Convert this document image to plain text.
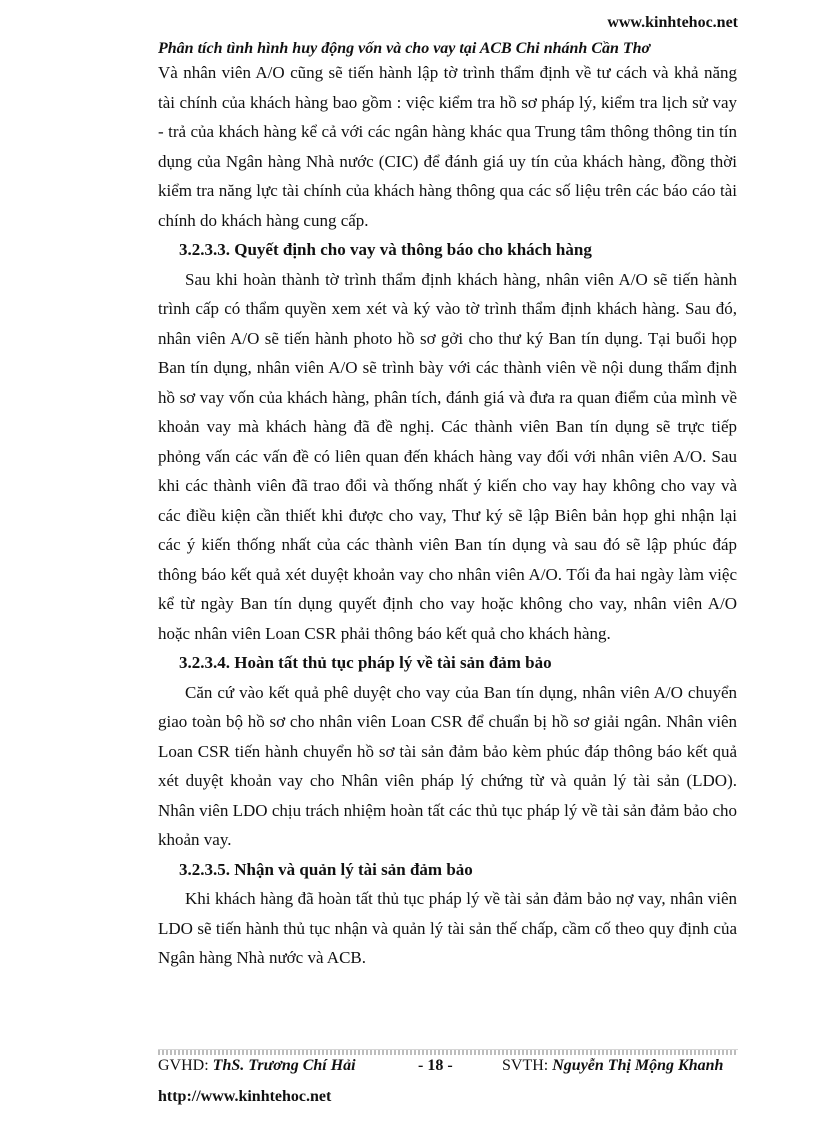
www.kinhtehoc.net
Phân tích tình hình huy động vốn và cho vay tại ACB Chi nhánh Cần Thơ

Và nhân viên A/O cũng sẽ tiến hành lập tờ trình thẩm định về tư cách và khả năng tài chính của khách hàng bao gồm : việc kiểm tra hồ sơ pháp lý, kiểm tra lịch sử vay - trả của khách hàng kể cả với các ngân hàng khác qua Trung tâm thông thông tin tín dụng của Ngân hàng Nhà nước (CIC) để đánh giá uy tín của khách hàng, đồng thời kiểm tra năng lực tài chính của khách hàng thông qua các số liệu trên các báo cáo tài chính do khách hàng cung cấp.

3.2.3.3. Quyết định cho vay và thông báo cho khách hàng

Sau khi hoàn thành tờ trình thẩm định khách hàng, nhân viên A/O sẽ tiến hành trình cấp có thẩm quyền xem xét và ký vào tờ trình thẩm định khách hàng. Sau đó, nhân viên A/O sẽ tiến hành photo hồ sơ gởi cho thư ký Ban tín dụng. Tại buổi họp Ban tín dụng, nhân viên A/O sẽ trình bày với các thành viên về nội dung thẩm định hồ sơ vay vốn của khách hàng, phân tích, đánh giá và đưa ra quan điểm của mình về khoản vay mà khách hàng đã đề nghị. Các thành viên Ban tín dụng sẽ trực tiếp phỏng vấn các vấn đề có liên quan đến khách hàng vay đối với nhân viên A/O. Sau khi các thành viên đã trao đổi và thống nhất ý kiến cho vay hay không cho vay và các điều kiện cần thiết khi được cho vay, Thư ký sẽ lập Biên bản họp ghi nhận lại các ý kiến thống nhất của các thành viên Ban tín dụng và sau đó sẽ lập phúc đáp thông báo kết quả xét duyệt khoản vay cho nhân viên A/O. Tối đa hai ngày làm việc kể từ ngày Ban tín dụng quyết định cho vay hoặc không cho vay, nhân viên A/O hoặc nhân viên Loan CSR phải thông báo kết quả cho khách hàng.

3.2.3.4. Hoàn tất thủ tục pháp lý về tài sản đảm bảo

Căn cứ vào kết quả phê duyệt cho vay của Ban tín dụng, nhân viên A/O chuyển giao toàn bộ hồ sơ cho nhân viên Loan CSR để chuẩn bị hồ sơ giải ngân. Nhân viên Loan CSR tiến hành chuyển hồ sơ tài sản đảm bảo kèm phúc đáp thông báo kết quả xét duyệt khoản vay cho Nhân viên pháp lý chứng từ và quản lý tài sản (LDO). Nhân viên LDO chịu trách nhiệm hoàn tất các thủ tục pháp lý về tài sản đảm bảo cho khoản vay.

3.2.3.5. Nhận và quản lý tài sản đảm bảo

Khi khách hàng đã hoàn tất thủ tục pháp lý về tài sản đảm bảo nợ vay, nhân viên LDO sẽ tiến hành thủ tục nhận và quản lý tài sản thế chấp, cầm cố theo quy định của Ngân hàng Nhà nước và ACB.

GVHD: ThS. Trương Chí Hải	- 18 -	SVTH: Nguyễn Thị Mộng Khanh
http://www.kinhtehoc.net
